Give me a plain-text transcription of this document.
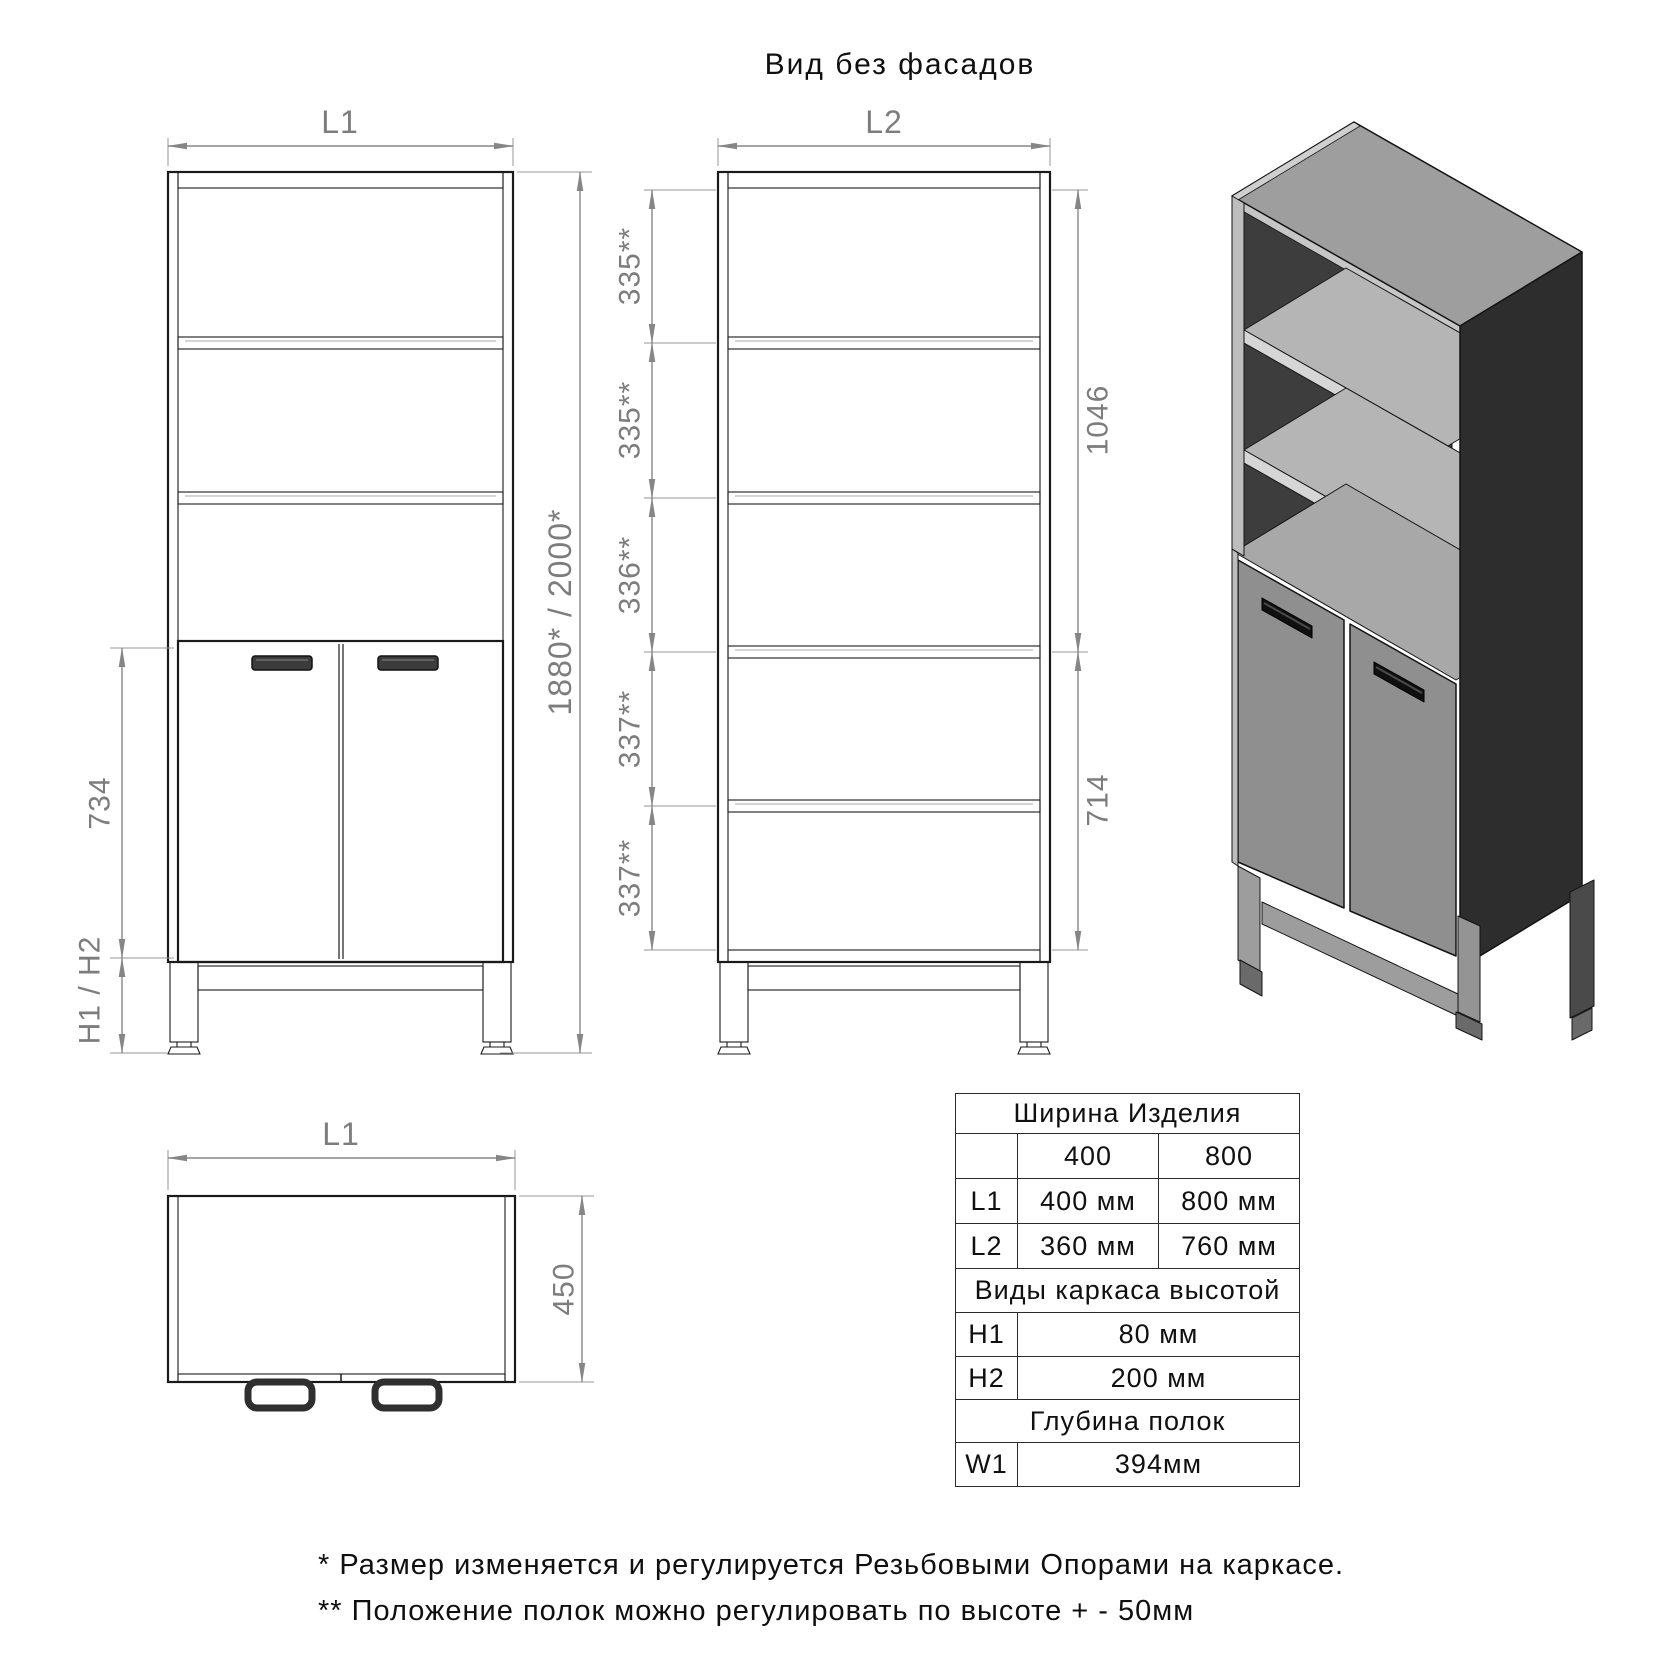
L1
1880* / 2000*
734
H1 / H2
L2
335**
335**
336**
337**
337**
1046
714
L1
450
Вид без фасадов
Ширина Изделия		
	400	800
L1	400 мм	800 мм
L2	360 мм	760 мм
Виды каркаса высотой		
H1	80 мм	
H2	200 мм	
Глубина полок		
W1	394мм	
* Размер изменяется и регулируется Резьбовыми Опорами на каркасе.
** Положение полок можно регулировать по высоте + - 50мм
